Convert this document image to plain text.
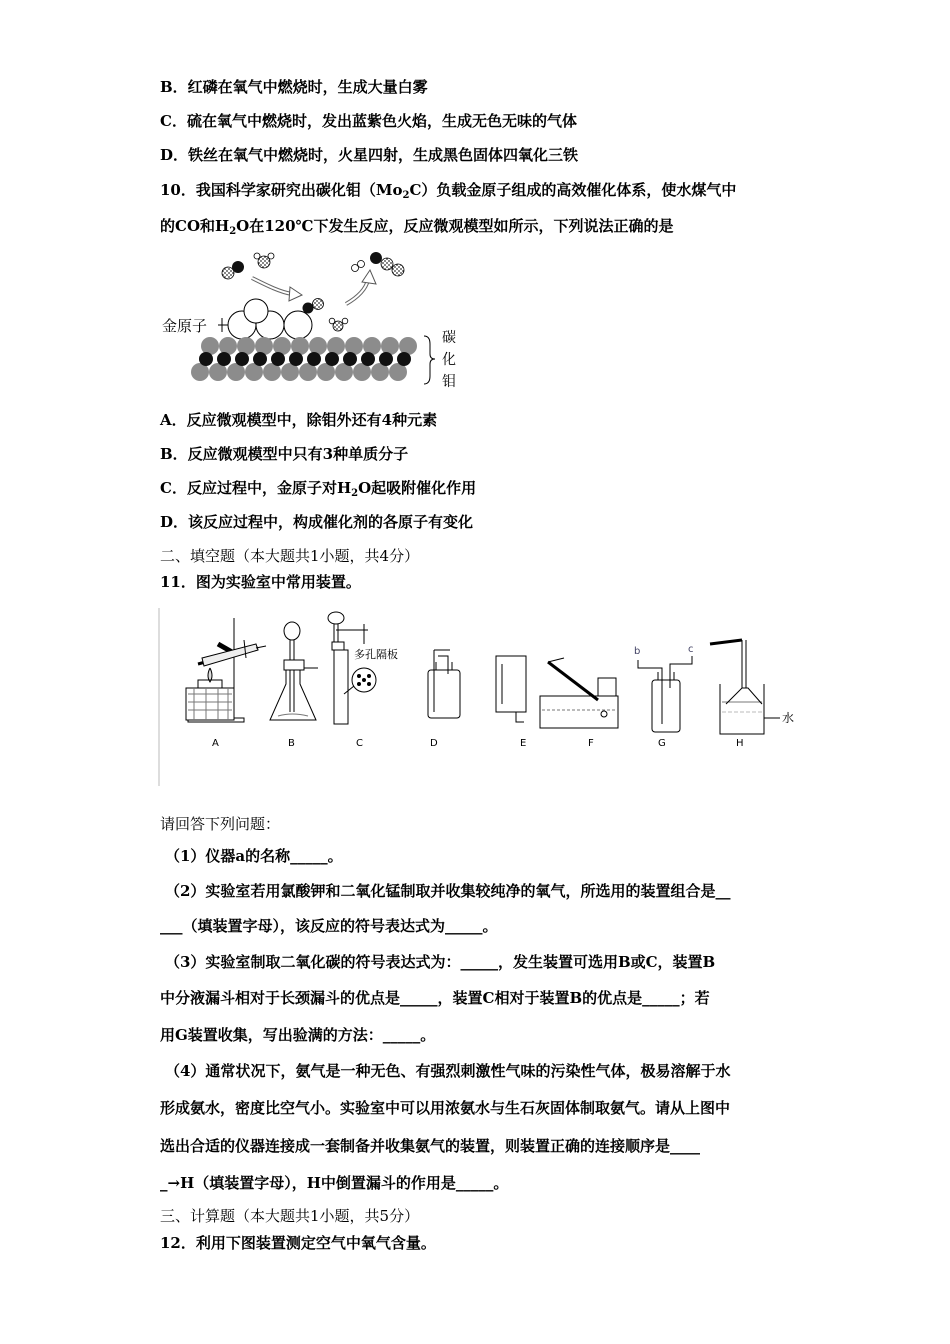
B．红磷在氧气中燃烧时，生成大量白雾
C．硫在氧气中燃烧时，发出蓝紫色火焰，生成无色无味的气体
D．铁丝在氧气中燃烧时，火星四射，生成黑色固体四氧化三铁
10．我国科学家研究出碳化钼$(Mo_2C)$负载金原子组成的高效催化体系，使水煤气中
的CO和$H_2O$在120℃下发生反应，反应微观模型如所示，下列说法正确的是
金原子
碳
化
钼
A．反应微观模型中，除钼外还有4种元素
B．反应微观模型中只有3种单质分子
C．反应过程中，金原子对$H_2O$起吸附催化作用
D．该反应过程中，构成催化剂的各原子有变化
二、填空题（本大题共1小题，共4分）
11．图为实验室中常用装置。
A	B	C	D	E	F	G	H
b	c
水
多孔隔板
请回答下列问题：
（1）仪器a的名称_____。
（2）实验室若用氯酸钾和二氧化锰制取并收集较纯净的氧气，所选用的装置组合是__
___（填装置字母），该反应的符号表达式为_____。
（3）实验室制取二氧化碳的符号表达式为：_____，发生装置可选用B或C，装置B
中分液漏斗相对于长颈漏斗的优点是_____，装置C相对于装置B的优点是_____；若
用G装置收集，写出验满的方法：_____。
（4）通常状况下，氨气是一种无色、有强烈刺激性气味的污染性气体，极易溶解于水
形成氨水，密度比空气小。实验室中可以用浓氨水与生石灰固体制取氨气。请从上图中
选出合适的仪器连接成一套制备并收集氨气的装置，则装置正确的连接顺序是____
_→H（填装置字母），H中倒置漏斗的作用是_____。
三、计算题（本大题共1小题，共5分）
12．利用下图装置测定空气中氧气含量。
